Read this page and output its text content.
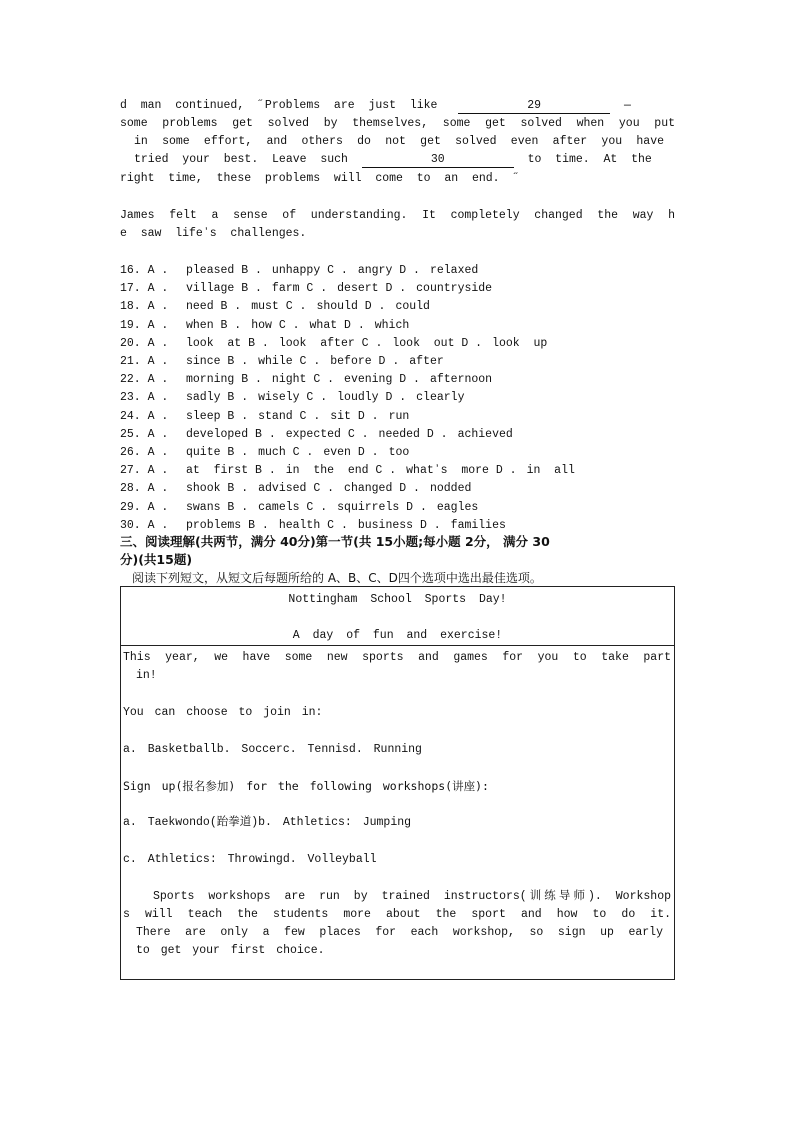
d  man  continued,  ˝Problems  are  just  like	29	—
some problems get solved by themselves, some get solved when you put
in some effort, and others do not get solved even after you have
tried  your  best.  Leave  such	30	to  time.  At  the
right  time,  these  problems  will  come  to  an  end.  ˝
James felt a sense of understanding. It completely changed the way h
e  saw  lifeʼs  challenges.
16. A . pleased B . unhappy C . angry D . relaxed
17. A . village B . farm C . desert D . countryside
18. A . need B . must C . should D . could
19. A . when B . how C . what D . which
20. A . look  at B . look  after C . look  out D . look  up
21. A . since B . while C . before D . after
22. A . morning B . night C . evening D . afternoon
23. A . sadly B . wisely C . loudly D . clearly
24. A . sleep B . stand C . sit D . run
25. A . developed B . expected C . needed D . achieved
26. A . quite B . much C . even D . too
27. A . at  first B . in  the  end C . whatʼs  more D . in  all
28. A . shook B . advised C . changed D . nodded
29. A . swans B . camels C . squirrels D . eagles
30. A . problems B . health C . business D . families
三、阅读理解(共两节，满分 40分)第一节(共 15小题;每小题 2分， 满分 30
分)(共15题)
阅读下列短文，从短文后每题所给的 A、B、C、D四个选项中选出最佳选项。
Nottingham School Sports Day!
A day of fun and exercise!
This year, we have some new sports and games for you to take part
in!
You can choose to join in:
a. Basketballb. Soccerc. Tennisd. Running
Sign up(报名参加) for the following workshops(讲座):
a. Taekwondo(跆拳道)b. Athletics: Jumping
c. Athletics: Throwingd. Volleyball
Sports workshops are run by trained instructors(训练导师). Workshop
s will teach the students more about the sport and how to do it.
There are only a few places for each workshop, so sign up early
to get your first choice.
